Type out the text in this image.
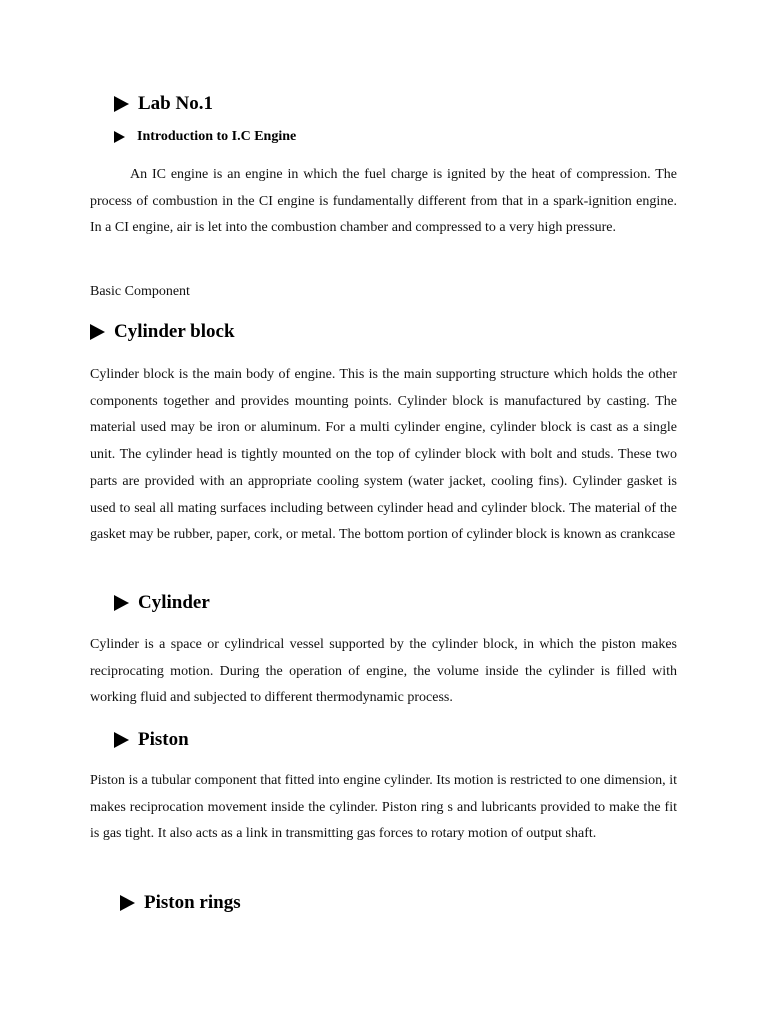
Lab No.1
Introduction to I.C Engine

An IC engine is an engine in which the fuel charge is ignited by the heat of compression. The process of combustion in the CI engine is fundamentally different from that in a spark-ignition engine. In a CI engine, air is let into the combustion chamber and compressed to a very high pressure.

Basic Component
Cylinder block

Cylinder block is the main body of engine. This is the main supporting structure which holds the other components together and provides mounting points. Cylinder block is manufactured by casting. The material used may be iron or aluminum. For a multi cylinder engine, cylinder block is cast as a single unit. The cylinder head is tightly mounted on the top of cylinder block with bolt and studs. These two parts are provided with an appropriate cooling system (water jacket, cooling fins). Cylinder gasket is used to seal all mating surfaces including between cylinder head and cylinder block. The material of the gasket may be rubber, paper, cork, or metal. The bottom portion of cylinder block is known as crankcase

Cylinder

Cylinder is a space or cylindrical vessel supported by the cylinder block, in which the piston makes reciprocating motion. During the operation of engine, the volume inside the cylinder is filled with working fluid and subjected to different thermodynamic process.

Piston

Piston is a tubular component that fitted into engine cylinder. Its motion is restricted to one dimension, it makes reciprocation movement inside the cylinder. Piston ring s and lubricants provided to make the fit is gas tight. It also acts as a link in transmitting gas forces to rotary motion of output shaft.

Piston rings
